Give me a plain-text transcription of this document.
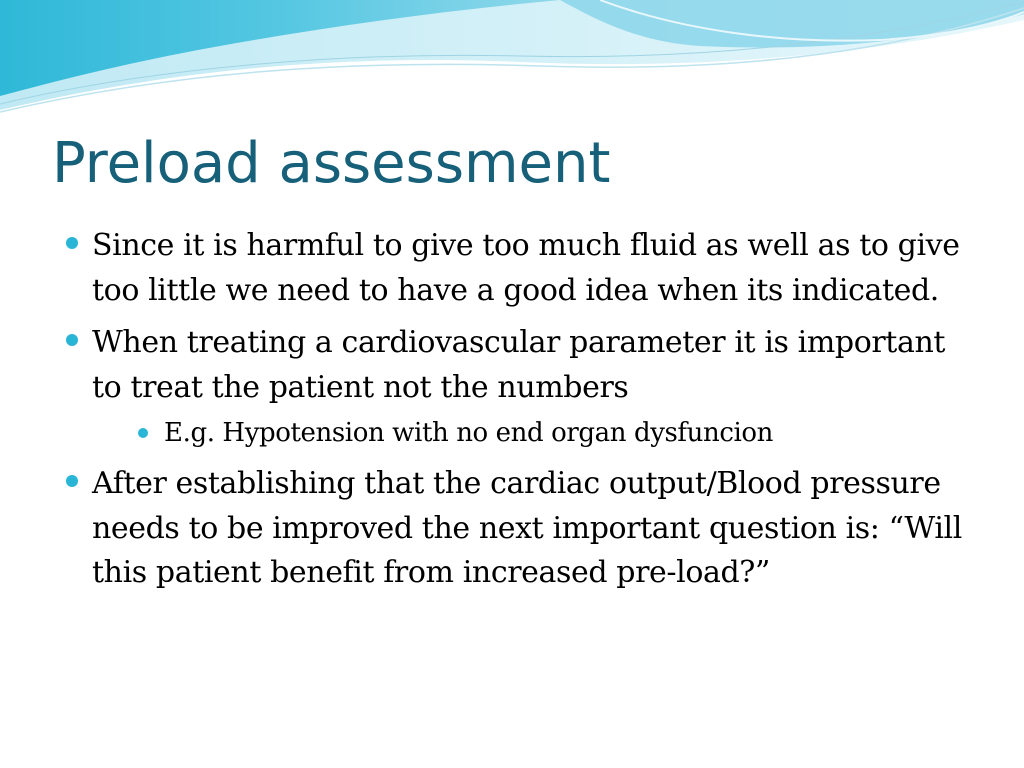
Preload assessment
Since it is harmful to give too much fluid as well as to give too little we need to have a good idea when its indicated.
When treating a cardiovascular parameter it is important to treat the patient not the numbers
E.g. Hypotension with no end organ dysfuncion
After establishing that the cardiac output/Blood pressure needs to be improved the next important question is: “Will this patient benefit from increased pre-load?”
